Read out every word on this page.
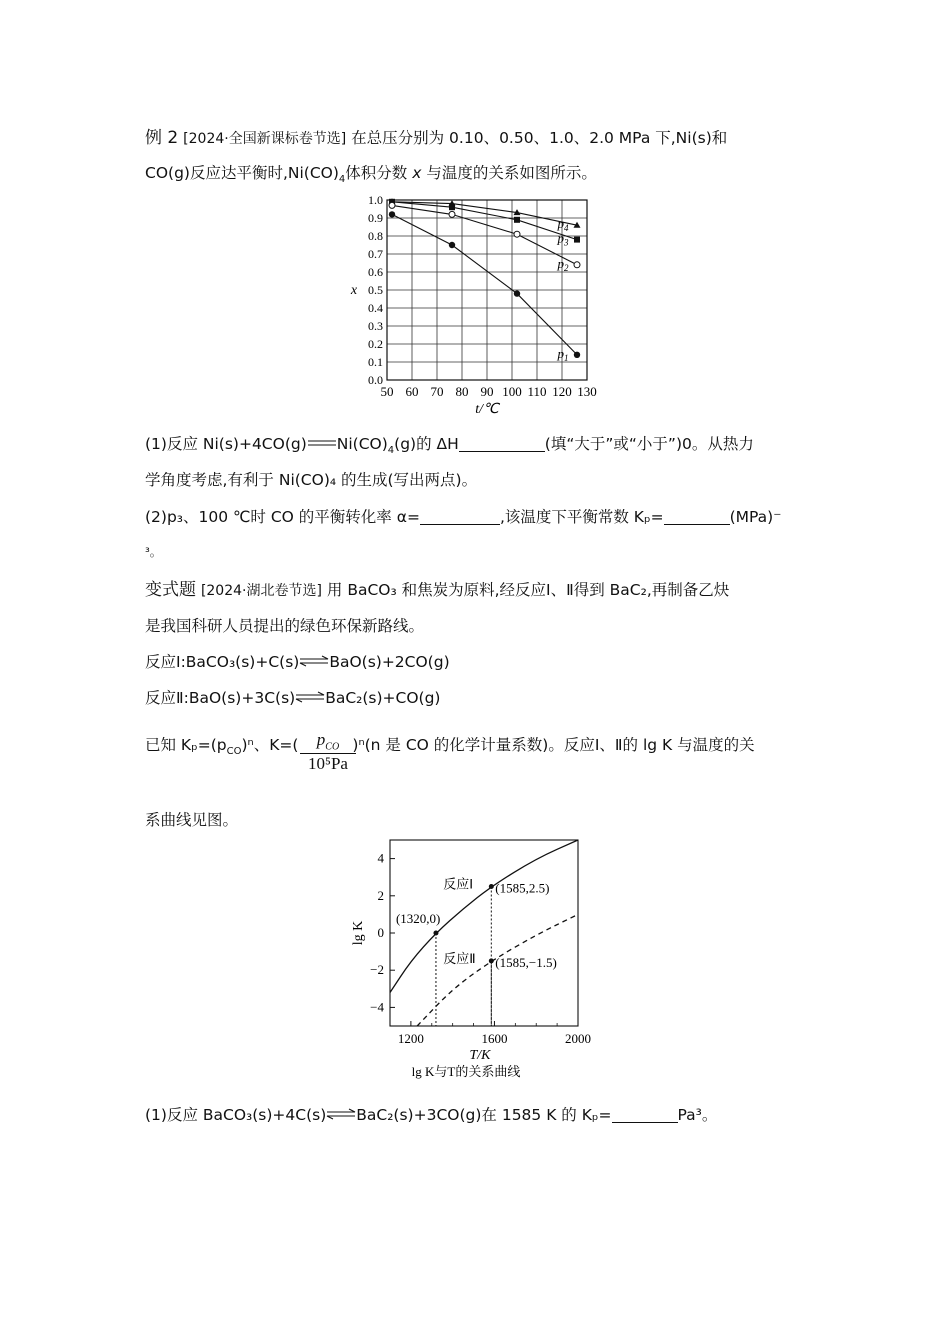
例 2 [2024·全国新课标卷节选] 在总压分别为 0.10、0.50、1.0、2.0 MPa 下,Ni(s)和
CO(g)反应达平衡时$,Ni(CO)_4$体积分数 x 与温度的关系如图所示。
50 60 70 80 90 100 110 120 130
0.0
0.1
0.2
0.3
0.4
0.5
0.6
0.7
0.8
0.9
1.0
t/℃
x
$p_4$
$p_3$
$p_2$
$p_1$
(1)反应 Ni(s)+4CO(g) $Ni(CO)_4(g)$的 ΔH	(填“大于”或“小于”)0。从热力
学角度考虑,有利于 Ni(CO)₄ 的生成(写出两点)。
(2)p₃、100 ℃时 CO 的平衡转化率 α=	,该温度下平衡常数 Kₚ=	(MPa)⁻
³。
变式题 [2024·湖北卷节选] 用 BaCO₃ 和焦炭为原料,经反应Ⅰ、Ⅱ得到 BaC₂,再制备乙炔
是我国科研人员提出的绿色环保新路线。
反应Ⅰ:BaCO₃(s)+C(s)⇌BaO(s)+2CO(g)
反应Ⅱ:BaO(s)+3C(s)⇌BaC₂(s)+CO(g)
已知 $K_p=(p_{CO})^n$、K=(	)ⁿ(n 是 CO 的化学计量系数)。反应Ⅰ、Ⅱ的 lg K 与温度的关
$p_{CO}$
10⁵Pa
系曲线见图。
1200	1600	2000
4
2
0
−2
−4
T/K
lg K
lg K与T的关系曲线
(1320,0)
(1585,2.5)
(1585,−1.5)
反应Ⅰ
反应Ⅱ
(1)反应 BaCO₃(s)+4C(s)⇌BaC₂(s)+3CO(g)在 1585 K 的 Kₚ=	Pa³。
